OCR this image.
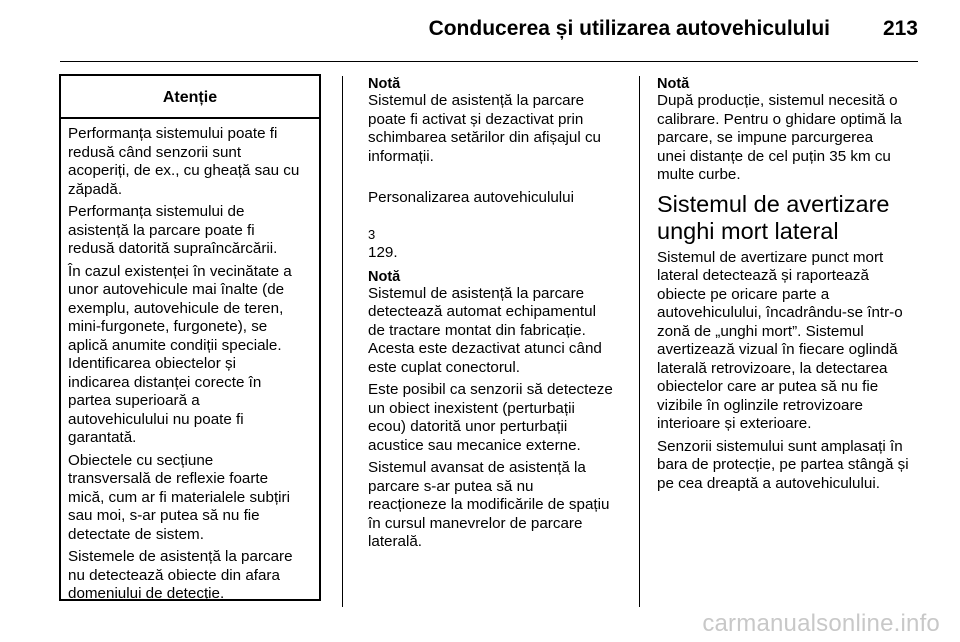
Conducerea și utilizarea autovehiculului	213
Atenție

Performanța sistemului poate fi
redusă când senzorii sunt
acoperiți, de ex., cu gheață sau cu
zăpadă.

Performanța sistemului de
asistență la parcare poate fi
redusă datorită supraîncărcării.

În cazul existenței în vecinătate a
unor autovehicule mai înalte (de
exemplu, autovehicule de teren,
mini-furgonete, furgonete), se
aplică anumite condiții speciale.
Identificarea obiectelor și
indicarea distanței corecte în
partea superioară a
autovehiculului nu poate fi
garantată.

Obiectele cu secțiune
transversală de reflexie foarte
mică, cum ar fi materialele subțiri
sau moi, s-ar putea să nu fie
detectate de sistem.

Sistemele de asistență la parcare
nu detectează obiecte din afara
domeniului de detecție.

Notă

Sistemul de asistență la parcare
poate fi activat și dezactivat prin
schimbarea setărilor din afișajul cu
informații.

Personalizarea autovehiculului

3
129.

Notă

Sistemul de asistență la parcare
detectează automat echipamentul
de tractare montat din fabricație.
Acesta este dezactivat atunci când
este cuplat conectorul.

Este posibil ca senzorii să detecteze
un obiect inexistent (perturbații
ecou) datorită unor perturbații
acustice sau mecanice externe.

Sistemul avansat de asistență la
parcare s-ar putea să nu
reacționeze la modificările de spațiu
în cursul manevrelor de parcare
laterală.

Notă

După producție, sistemul necesită o
calibrare. Pentru o ghidare optimă la
parcare, se impune parcurgerea
unei distanțe de cel puțin 35 km cu
multe curbe.

Sistemul de avertizare
unghi mort lateral

Sistemul de avertizare punct mort
lateral detectează și raportează
obiecte pe oricare parte a
autovehiculului, încadrându-se într-o
zonă de „unghi mort”. Sistemul
avertizează vizual în fiecare oglindă
laterală retrovizoare, la detectarea
obiectelor care ar putea să nu fie
vizibile în oglinzile retrovizoare
interioare și exterioare.

Senzorii sistemului sunt amplasați în
bara de protecție, pe partea stângă și
pe cea dreaptă a autovehiculului.

carmanualsonline.info
